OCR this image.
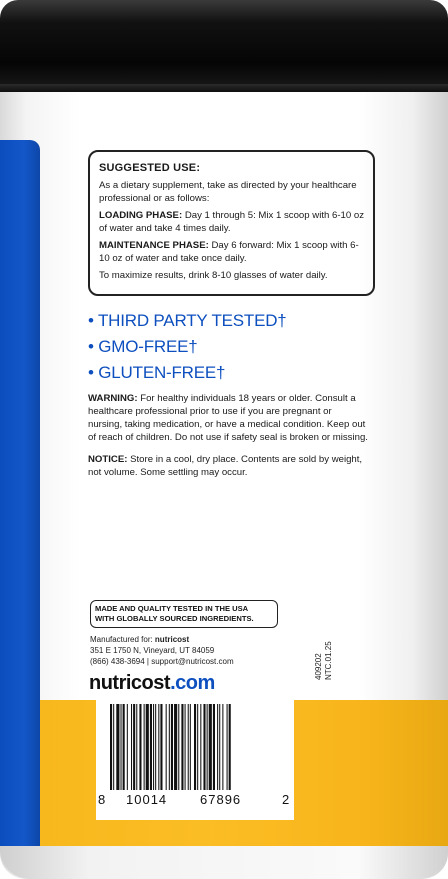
SUGGESTED USE:

As a dietary supplement, take as directed by your healthcare professional or as follows:

LOADING PHASE: Day 1 through 5: Mix 1 scoop with 6-10 oz of water and take 4 times daily.

MAINTENANCE PHASE: Day 6 forward: Mix 1 scoop with 6-10 oz of water and take once daily.

To maximize results, drink 8-10 glasses of water daily.

• THIRD PARTY TESTED†
• GMO-FREE†
• GLUTEN-FREE†

WARNING: For healthy individuals 18 years or older. Consult a healthcare professional prior to use if you are pregnant or nursing, taking medication, or have a medical condition. Keep out of reach of children. Do not use if safety seal is broken or missing.

NOTICE: Store in a cool, dry place. Contents are sold by weight, not volume. Some settling may occur.

MADE AND QUALITY TESTED IN THE USA
WITH GLOBALLY SOURCED INGREDIENTS.
Manufactured for: nutricost
351 E 1750 N, Vineyard, UT 84059
(866) 438-3694 | support@nutricost.com
nutricost.com
409202 NTC.01.25
8 10014	67896	2
